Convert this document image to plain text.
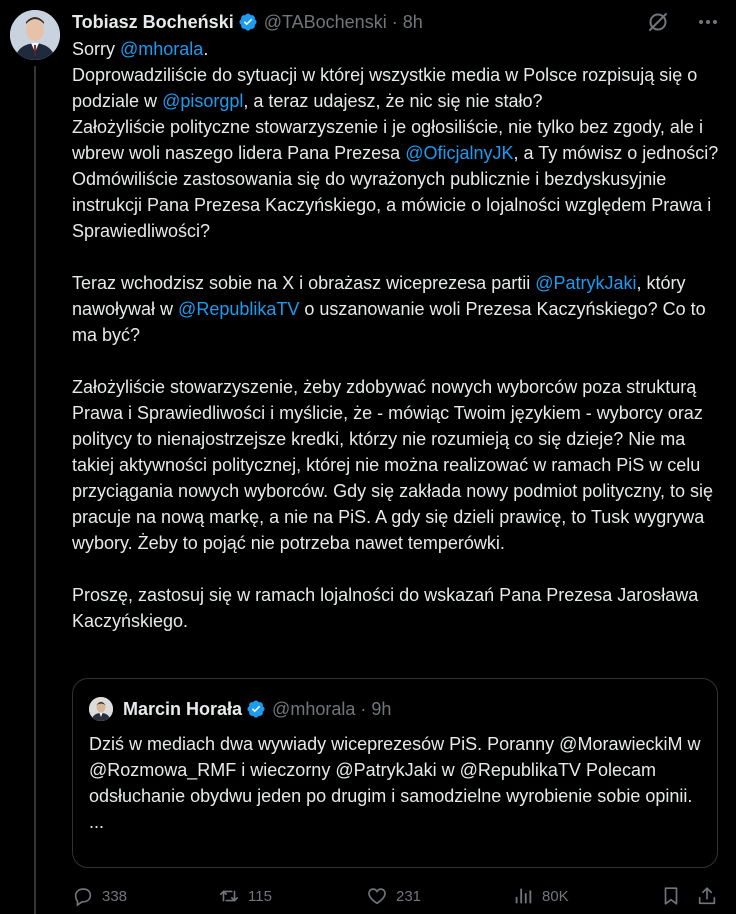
Tobiasz Bocheński @TABochenski · 8h

Sorry @mhorala.

Doprowadziliście do sytuacji w której wszystkie media w Polsce rozpisują się o podziale w @pisorgpl, a teraz udajesz, że nic się nie stało?

Założyliście polityczne stowarzyszenie i je ogłosiliście, nie tylko bez zgody, ale i wbrew woli naszego lidera Pana Prezesa @OficjalnyJK, a Ty mówisz o jedności?

Odmówiliście zastosowania się do wyrażonych publicznie i bezdyskusyjnie instrukcji Pana Prezesa Kaczyńskiego, a mówicie o lojalności względem Prawa i Sprawiedliwości?

Teraz wchodzisz sobie na X i obrażasz wiceprezesa partii @PatrykJaki, który nawoływał w @RepublikaTV o uszanowanie woli Prezesa Kaczyńskiego? Co to ma być?

Założyliście stowarzyszenie, żeby zdobywać nowych wyborców poza strukturą Prawa i Sprawiedliwości i myślicie, że - mówiąc Twoim językiem - wyborcy oraz politycy to nienajostrzejsze kredki, którzy nie rozumieją co się dzieje? Nie ma takiej aktywności politycznej, której nie można realizować w ramach PiS w celu przyciągania nowych wyborców. Gdy się zakłada nowy podmiot polityczny, to się pracuje na nową markę, a nie na PiS. A gdy się dzieli prawicę, to Tusk wygrywa wybory. Żeby to pojąć nie potrzeba nawet temperówki.

Proszę, zastosuj się w ramach lojalności do wskazań Pana Prezesa Jarosława Kaczyńskiego.

Marcin Horała @mhorala · 9h

Dziś w mediach dwa wywiady wiceprezesów PiS. Poranny @MorawieckiM w @Rozmowa_RMF i wieczorny @PatrykJaki w @RepublikaTV Polecam odsłuchanie obydwu jeden po drugim i samodzielne wyrobienie sobie opinii.

...

338	115	231	80K
